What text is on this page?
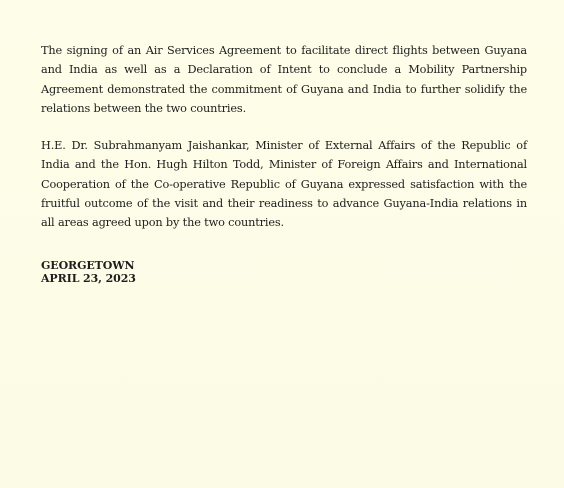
The signing of an Air Services Agreement to facilitate direct flights between Guyana and India as well as a Declaration of Intent to conclude a Mobility Partnership Agreement demonstrated the commitment of Guyana and India to further solidify the relations between the two countries.

H.E. Dr. Subrahmanyam Jaishankar, Minister of External Affairs of the Republic of India and the Hon. Hugh Hilton Todd, Minister of Foreign Affairs and International Cooperation of the Co-operative Republic of Guyana expressed satisfaction with the fruitful outcome of the visit and their readiness to advance Guyana-India relations in all areas agreed upon by the two countries.

GEORGETOWN
APRIL 23, 2023
